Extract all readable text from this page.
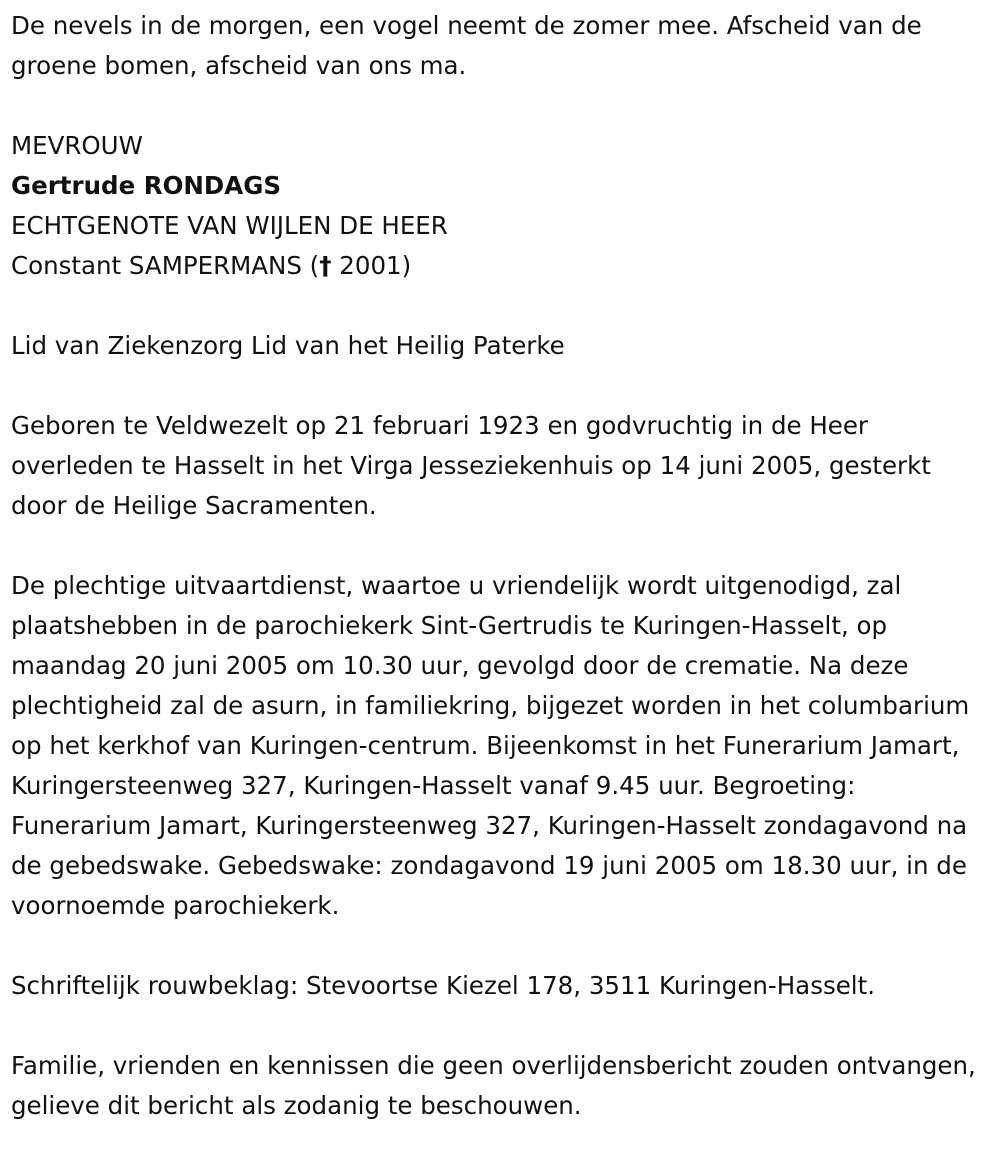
De nevels in de morgen, een vogel neemt de zomer mee. Afscheid van de groene bomen, afscheid van ons ma.

MEVROUW

Gertrude RONDAGS

ECHTGENOTE VAN WIJLEN DE HEER

Constant SAMPERMANS († 2001)

Lid van Ziekenzorg Lid van het Heilig Paterke

Geboren te Veldwezelt op 21 februari 1923 en godvruchtig in de Heer overleden te Hasselt in het Virga Jesseziekenhuis op 14 juni 2005, gesterkt door de Heilige Sacramenten.

De plechtige uitvaartdienst, waartoe u vriendelijk wordt uitgenodigd, zal plaatshebben in de parochiekerk Sint-Gertrudis te Kuringen-Hasselt, op maandag 20 juni 2005 om 10.30 uur, gevolgd door de crematie. Na deze plechtigheid zal de asurn, in familiekring, bijgezet worden in het columbarium op het kerkhof van Kuringen-centrum. Bijeenkomst in het Funerarium Jamart, Kuringersteenweg 327, Kuringen-Hasselt vanaf 9.45 uur. Begroeting: Funerarium Jamart, Kuringersteenweg 327, Kuringen-Hasselt zondagavond na de gebedswake. Gebedswake: zondagavond 19 juni 2005 om 18.30 uur, in de voornoemde parochiekerk.

Schriftelijk rouwbeklag: Stevoortse Kiezel 178, 3511 Kuringen-Hasselt.

Familie, vrienden en kennissen die geen overlijdensbericht zouden ontvangen, gelieve dit bericht als zodanig te beschouwen.
